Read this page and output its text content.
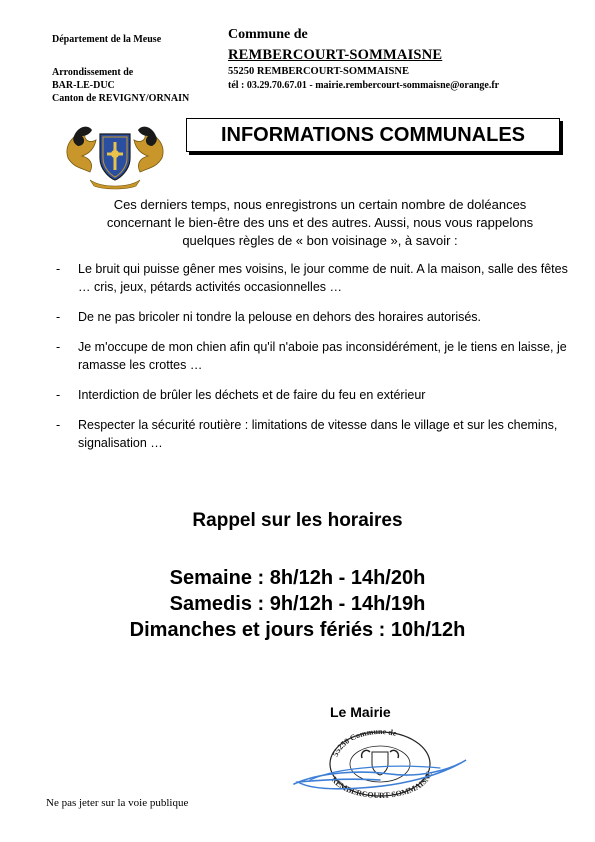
Département de la Meuse
Arrondissement de
BAR-LE-DUC
Canton de REVIGNY/ORNAIN
Commune de
REMBERCOURT-SOMMAISNE
55250 REMBERCOURT-SOMMAISNE
tél : 03.29.70.67.01 - mairie.rembercourt-sommaisne@orange.fr
INFORMATIONS COMMUNALES
Ces derniers temps, nous enregistrons un certain nombre de doléances concernant le bien-être des uns et des autres. Aussi, nous vous rappelons quelques règles de « bon voisinage », à savoir :
- Le bruit qui puisse gêner mes voisins, le jour comme de nuit. A la maison, salle des fêtes … cris, jeux, pétards activités occasionnelles …
- De ne pas bricoler ni tondre la pelouse en dehors des horaires autorisés.
- Je m'occupe de mon chien afin qu'il n'aboie pas inconsidérément, je le tiens en laisse, je ramasse les crottes …
- Interdiction de brûler les déchets et de faire du feu en extérieur
- Respecter la sécurité routière : limitations de vitesse dans le village et sur les chemins, signalisation …
Rappel sur les horaires
Semaine : 8h/12h - 14h/20h
Samedis : 9h/12h - 14h/19h
Dimanches et jours fériés : 10h/12h
Le Mairie
55250 Commune de
REMBERCOURT-SOMMAISNE
Ne pas jeter sur la voie publique
